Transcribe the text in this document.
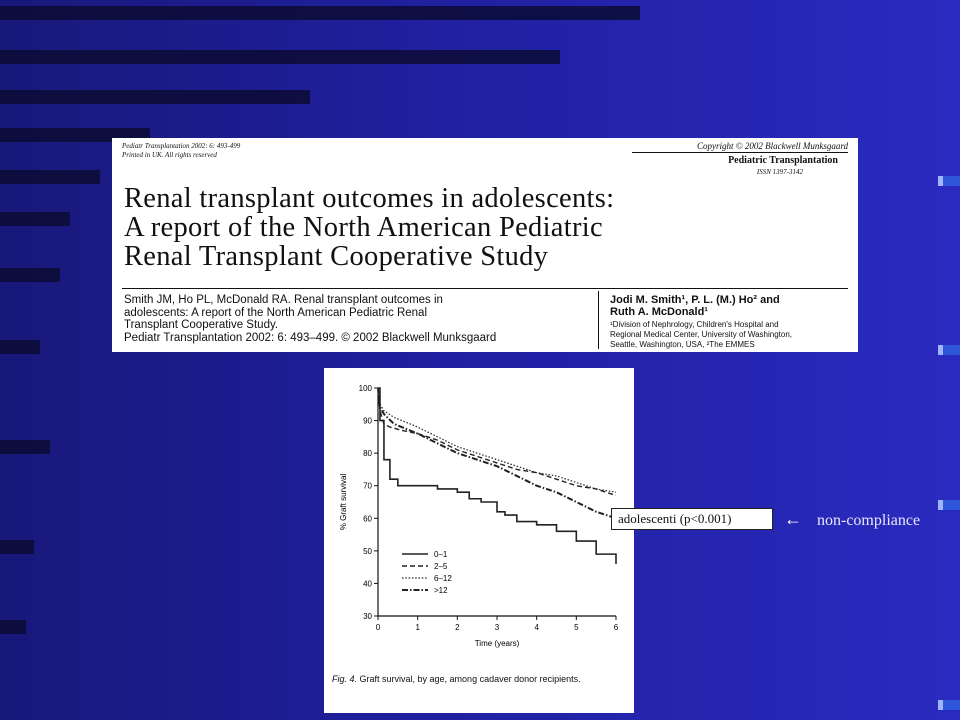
Pediatr Transplantation 2002: 6: 493-499
Printed in UK. All rights reserved
Copyright © 2002 Blackwell Munksgaard
Pediatric Transplantation
ISSN 1397-3142
Renal transplant outcomes in adolescents:
A report of the North American Pediatric
Renal Transplant Cooperative Study
Smith JM, Ho PL, McDonald RA. Renal transplant outcomes in
adolescents: A report of the North American Pediatric Renal
Transplant Cooperative Study.
Pediatr Transplantation 2002: 6: 493–499. © 2002 Blackwell Munksgaard
Jodi M. Smith¹, P. L. (M.) Ho² and
Ruth A. McDonald¹
¹Division of Nephrology, Children's Hospital and
Regional Medical Center, University of Washington,
Seattle, Washington, USA, ²The EMMES
30
40
50
60
70
80
90
100
0	1	2	3	4	5	6
Time (years)
% Graft survival
0–1
2–5
6–12
>12
Fig. 4. Graft survival, by age, among cadaver donor recipients.
adolescenti (p<0.001)	← non-compliance
